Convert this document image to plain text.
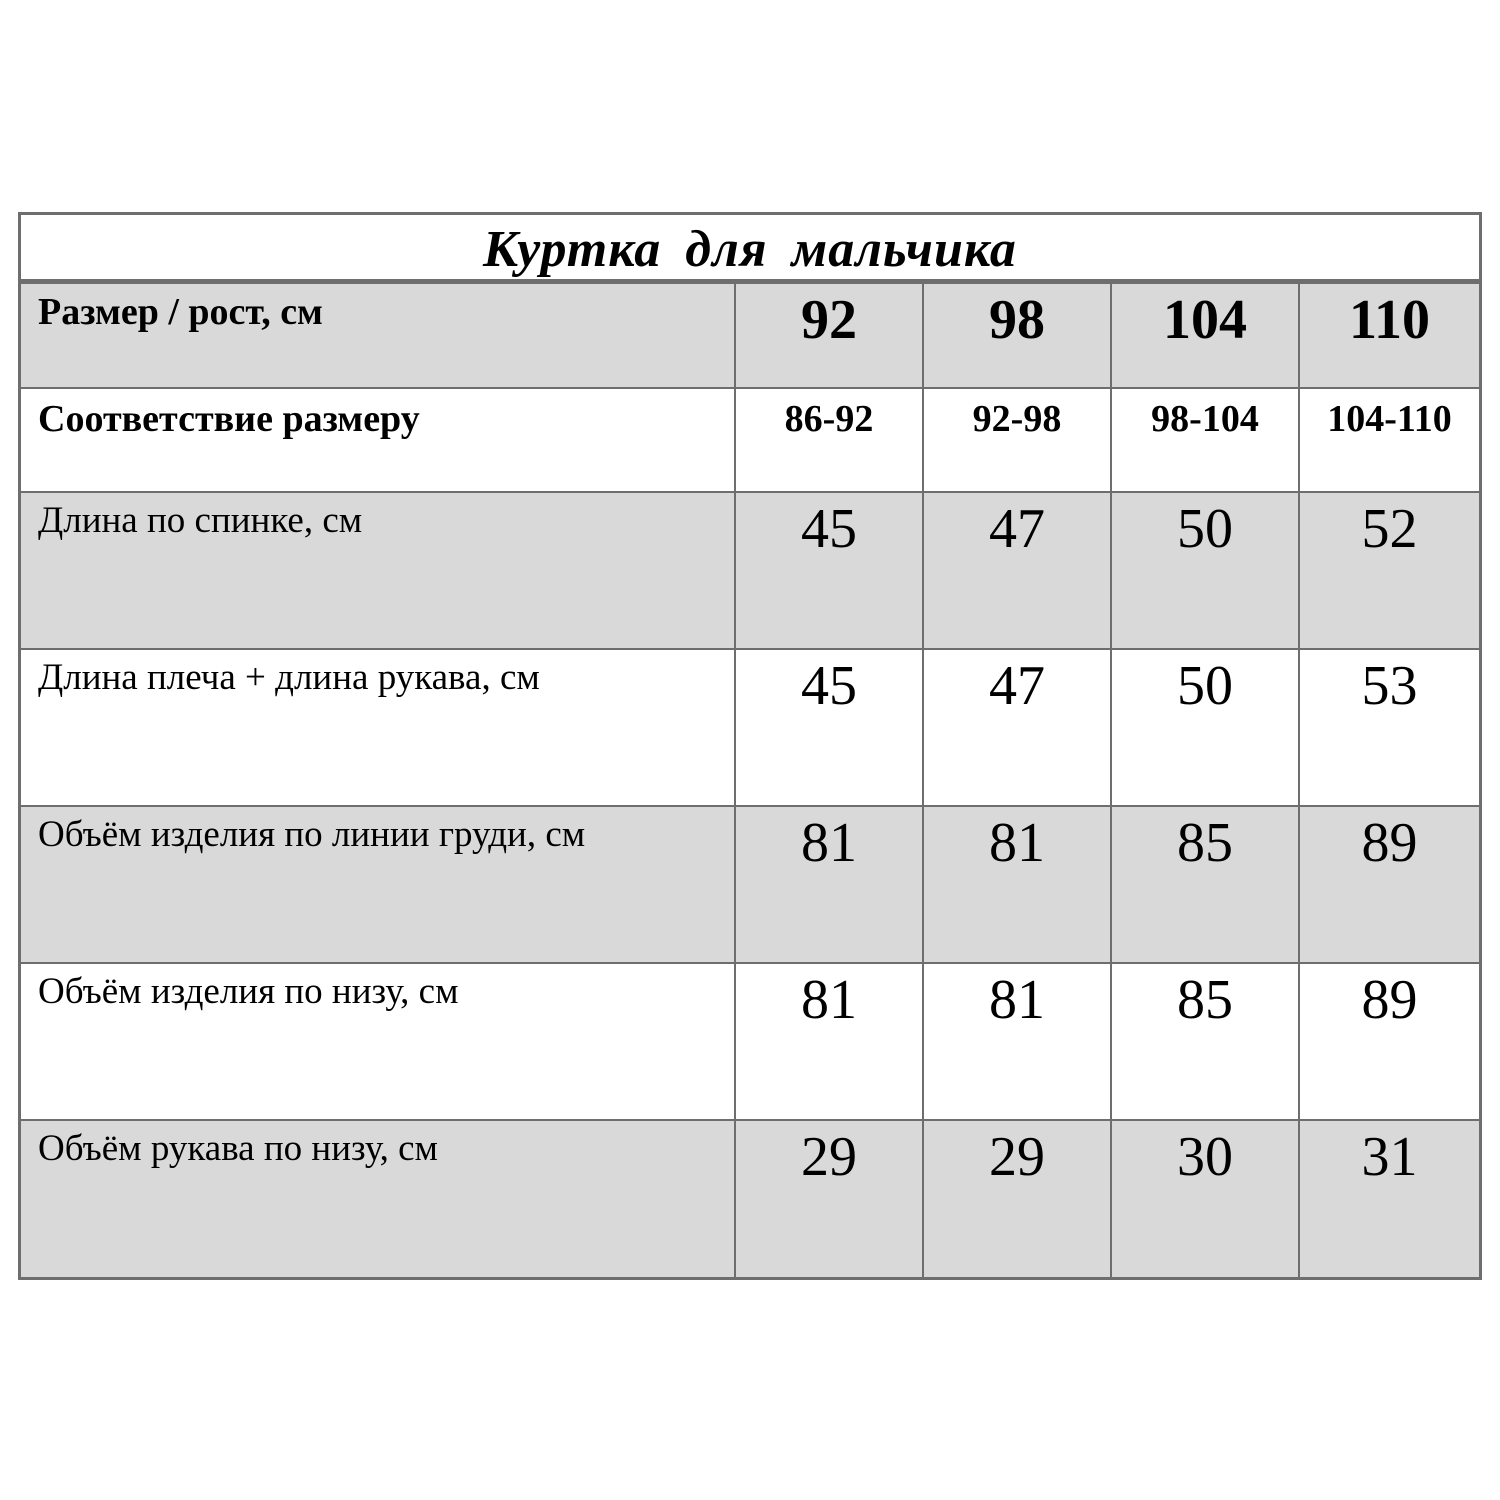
Куртка для мальчика
Размер / рост, см	92	98	104	110
Соответствие размеру	86-92	92-98	98-104	104-110
Длина по спинке, см	45	47	50	52
Длина плеча + длина рукава, см	45	47	50	53
Объём изделия по линии груди, см	81	81	85	89
Объём изделия по низу, см	81	81	85	89
Объём рукава по низу, см	29	29	30	31
